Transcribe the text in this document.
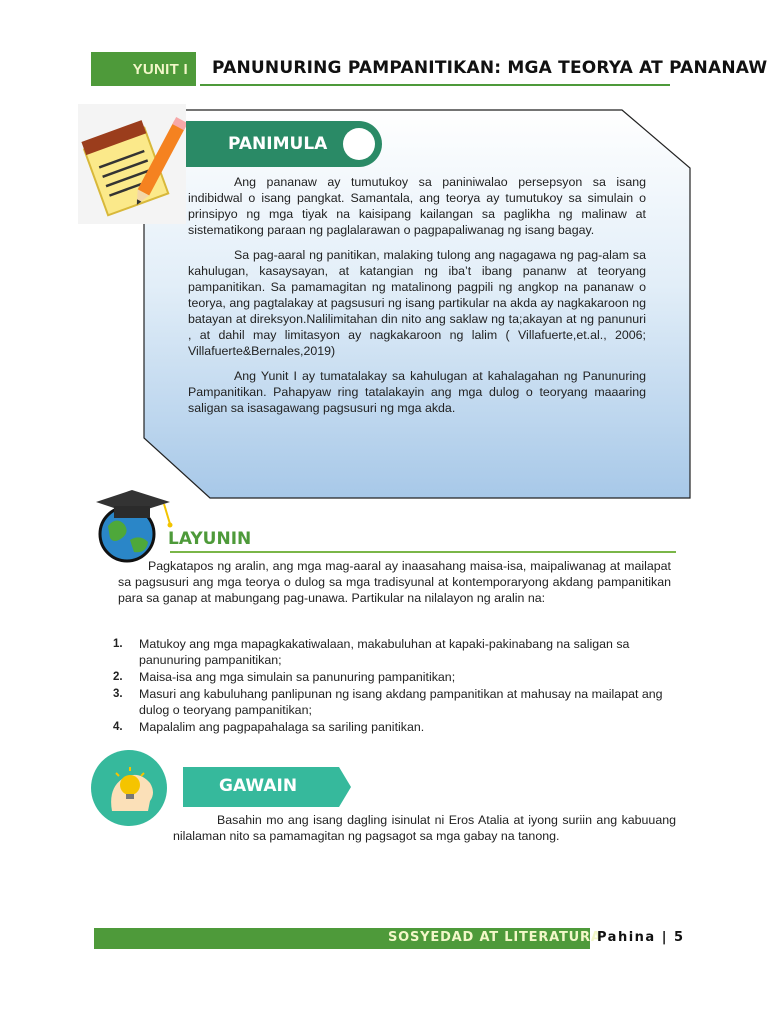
YUNIT I	PANUNURING PAMPANITIKAN: MGA TEORYA AT PANANAW
PANIMULA

Ang pananaw ay tumutukoy sa paniniwalao persepsyon sa isang indibidwal o isang pangkat. Samantala, ang teorya ay tumutukoy sa simulain o prinsipyo ng mga tiyak na kaisipang kailangan sa paglikha ng malinaw at sistematikong paraan ng paglalarawan o pagpapaliwanag ng isang bagay.

Sa pag-aaral ng panitikan, malaking tulong ang nagagawa ng pag-alam sa kahulugan, kasaysayan, at katangian ng iba’t ibang pananw at teoryang pampanitikan. Sa pamamagitan ng matalinong pagpili ng angkop na pananaw o teorya, ang pagtalakay at pagsusuri ng isang partikular na akda ay nagkakaroon ng batayan at direksyon.Nalilimitahan din nito ang saklaw ng ta;akayan at ng panunuri , at dahil may limitasyon ay nagkakaroon ng lalim ( Villafuerte,et.al., 2006; Villafuerte&Bernales,2019)

Ang Yunit I ay tumatalakay sa kahulugan at kahalagahan ng Panunuring Pampanitikan. Pahapyaw ring tatalakayin ang mga dulog o teoryang maaaring saligan sa isasagawang pagsusuri ng mga akda.

LAYUNIN
Pagkatapos ng aralin, ang mga mag-aaral ay inaasahang maisa-isa, maipaliwanag at mailapat sa pagsusuri ang mga teorya o dulog sa mga tradisyunal at kontemporaryong akdang pampanitikan para sa ganap at mabungang pag-unawa. Partikular na nilalayon ng aralin na:
1. Matukoy ang mga mapagkakatiwalaan, makabuluhan at kapaki-pakinabang na saligan sa panunuring pampanitikan;
2. Maisa-isa ang mga simulain sa panunuring pampanitikan;
3. Masuri ang kabuluhang panlipunan ng isang akdang pampanitikan at mahusay na mailapat ang dulog o teoryang pampanitikan;
4. Mapalalim ang pagpapahalaga sa sariling panitikan.
GAWAIN
Basahin mo ang isang dagling isinulat ni Eros Atalia at iyong suriin ang kabuuang nilalaman nito sa pamamagitan ng pagsagot sa mga gabay na tanong.
SOSYEDAD AT LITERATURA
Pahina | 5
